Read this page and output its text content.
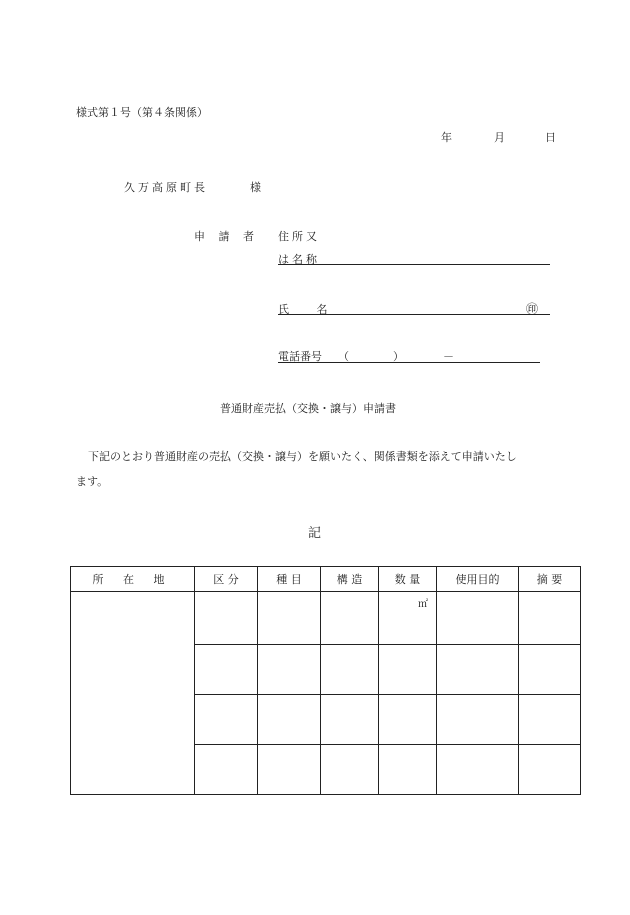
様式第１号（第４条関係）
年	月	日
久万高原町長	様
申 請 者 住所又
は名称
氏 名	㊞
電話番号 （	）	－
普通財産売払（交換・譲与）申請書
下記のとおり普通財産の売払（交換・譲与）を願いたく、関係書類を添えて申請いたし
ます。
記
所 在 地	区 分	種 目	構 造	数 量	使用目的	摘 要
				㎡		
